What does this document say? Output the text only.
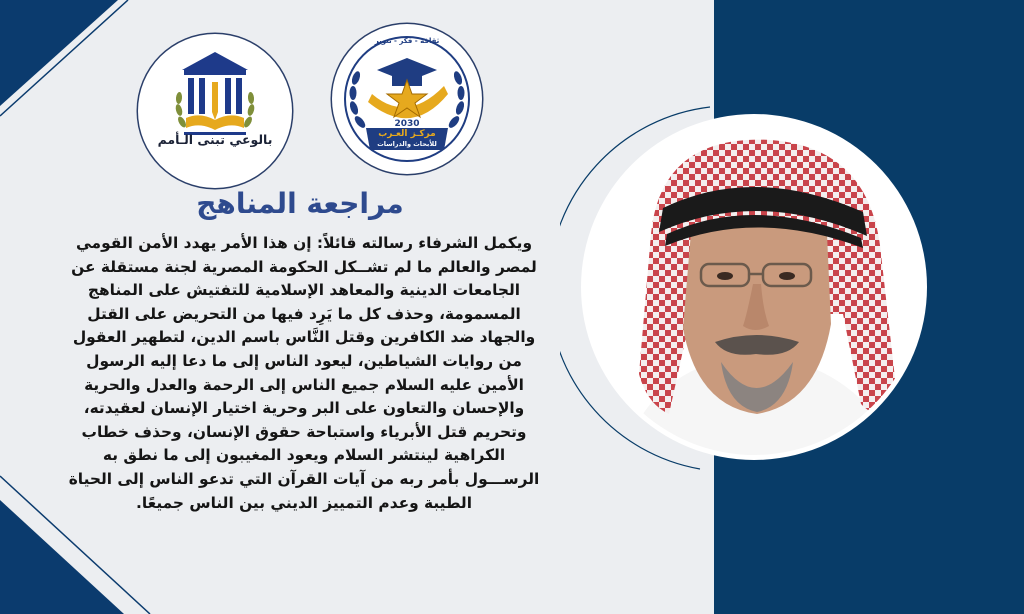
بالوعي تبنى الـأمم
ثقافة - فكر - تنوير
2030
مركـز العـرب
للأبحاث والدراسات
مراجعة المناهج
ويكمل الشرفاء رسالته قائلاً: إن هذا الأمر يهدد الأمن القومي
لمصر والعالم ما لم تشــكل الحكومة المصرية لجنة مستقلة عن
الجامعات الدينية والمعاهد الإسلامية للتفتيش على المناهج
المسمومة، وحذف كل ما يَرِد فيها من التحريض على القتل
والجهاد ضد الكافرين وقتل النَّاس باسم الدين، لتطهير العقول
من روايات الشياطين، ليعود الناس إلى ما دعا إليه الرسول
الأمين عليه السلام جميع الناس إلى الرحمة والعدل والحرية
والإحسان والتعاون على البر وحرية اختيار الإنسان لعقيدته،
وتحريم قتل الأبرياء واستباحة حقوق الإنسان، وحذف خطاب
الكراهية لينتشر السلام ويعود المغيبون إلى ما نطق به
الرســـول بأمر ربه من آيات القرآن التي تدعو الناس إلى الحياة
الطيبة وعدم التمييز الديني بين الناس جميعًا.
